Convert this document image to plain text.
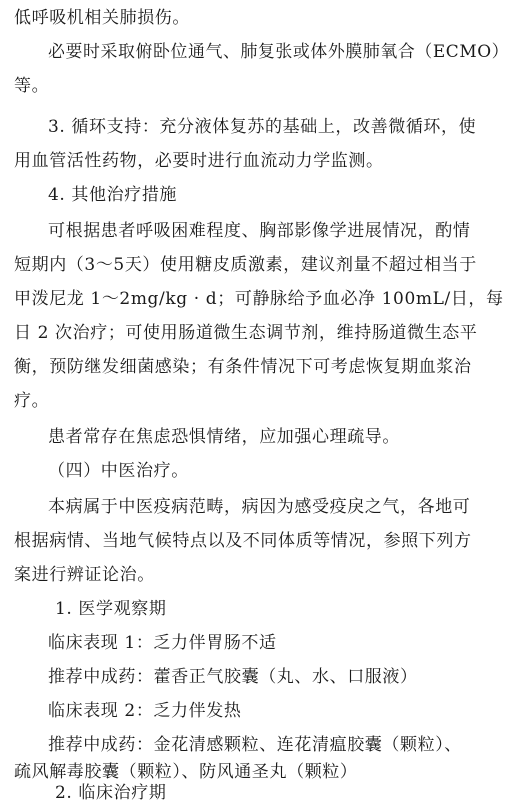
低呼吸机相关肺损伤。
必要时采取俯卧位通气、肺复张或体外膜肺氧合（ECMO）
等。
3. 循环支持：充分液体复苏的基础上，改善微循环，使
用血管活性药物，必要时进行血流动力学监测。
4. 其他治疗措施
可根据患者呼吸困难程度、胸部影像学进展情况，酌情
短期内（3～5天）使用糖皮质激素，建议剂量不超过相当于
甲泼尼龙 1～2mg/kg · d；可静脉给予血必净 100mL/日，每
日 2 次治疗；可使用肠道微生态调节剂，维持肠道微生态平
衡，预防继发细菌感染；有条件情况下可考虑恢复期血浆治
疗。
患者常存在焦虑恐惧情绪，应加强心理疏导。
（四）中医治疗。
本病属于中医疫病范畴，病因为感受疫戾之气，各地可
根据病情、当地气候特点以及不同体质等情况，参照下列方
案进行辨证论治。
1. 医学观察期
临床表现 1：乏力伴胃肠不适
推荐中成药：藿香正气胶囊（丸、水、口服液）
临床表现 2：乏力伴发热
推荐中成药：金花清感颗粒、连花清瘟胶囊（颗粒）、
疏风解毒胶囊（颗粒）、防风通圣丸（颗粒）
2. 临床治疗期
